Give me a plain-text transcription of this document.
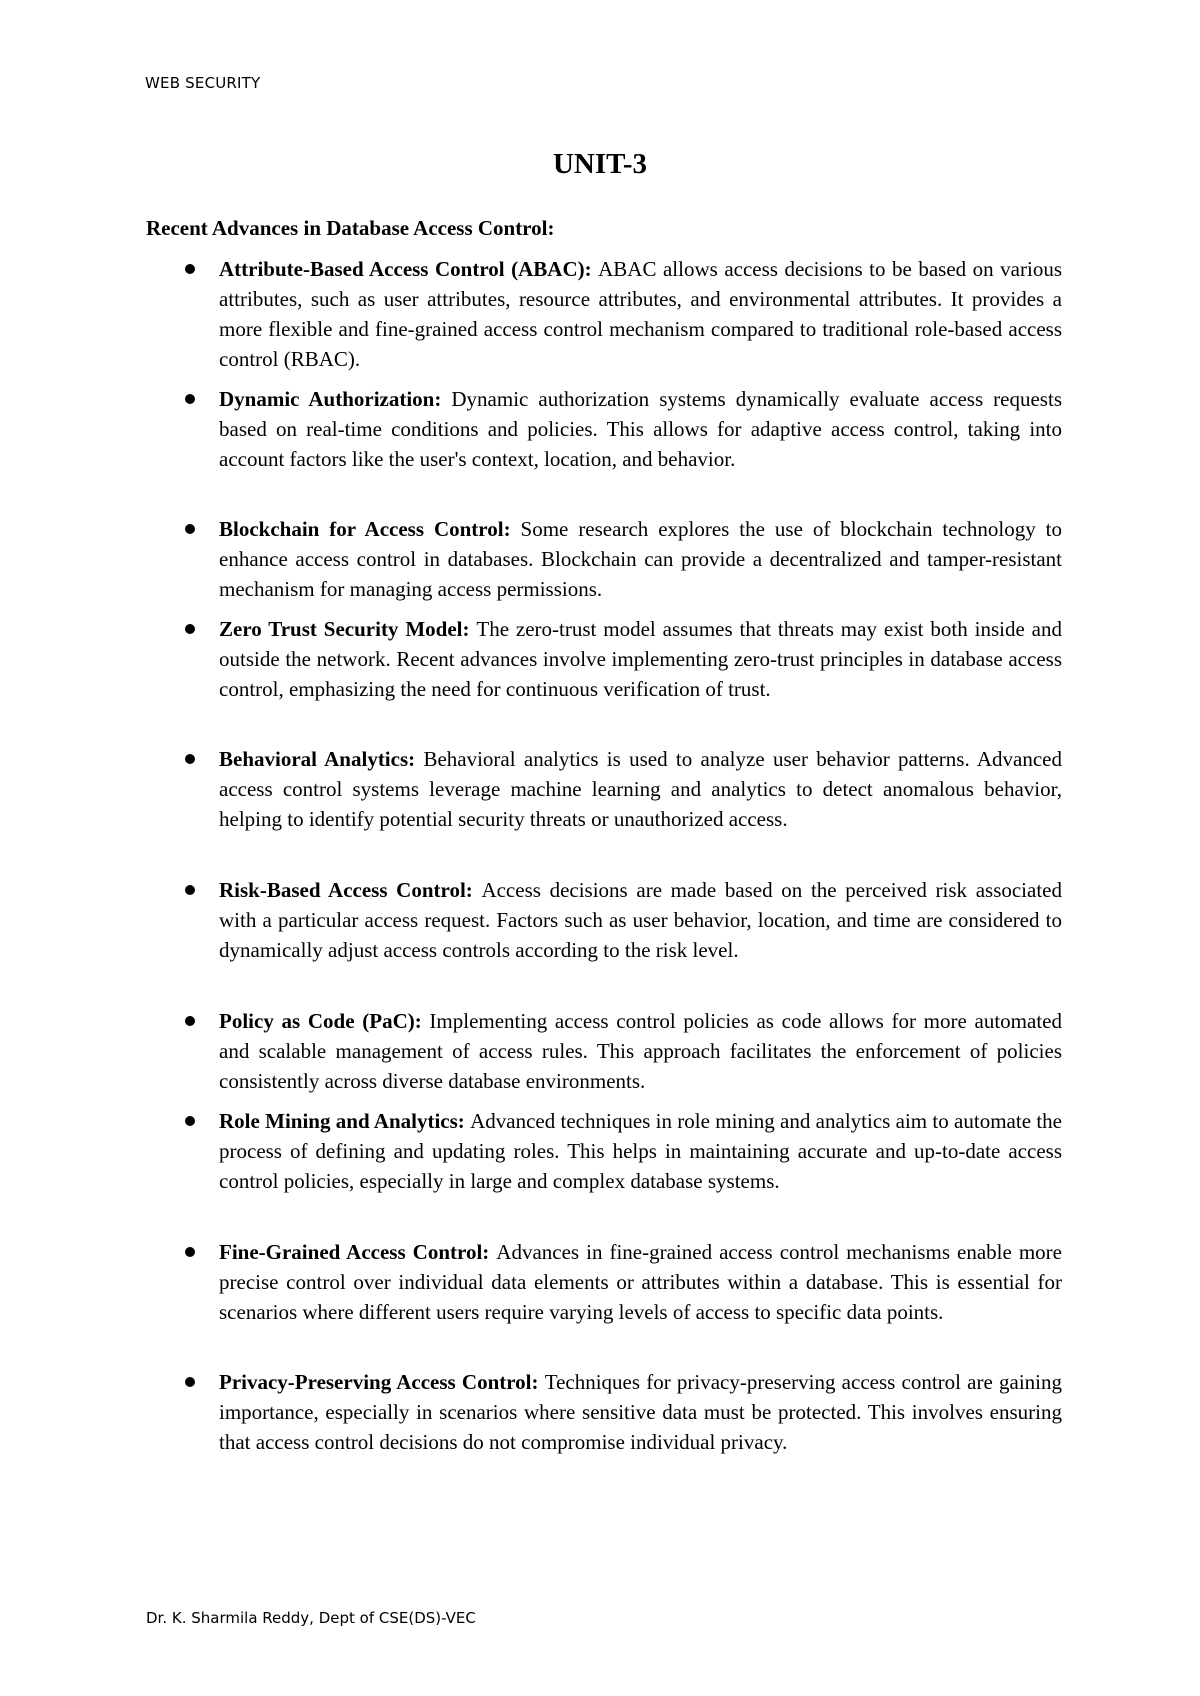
WEB SECURITY
UNIT-3
Recent Advances in Database Access Control:
Attribute-Based Access Control (ABAC): ABAC allows access decisions to be based on various attributes, such as user attributes, resource attributes, and environmental attributes. It provides a more flexible and fine-grained access control mechanism compared to traditional role-based access control (RBAC).
Dynamic Authorization: Dynamic authorization systems dynamically evaluate access requests based on real-time conditions and policies. This allows for adaptive access control, taking into account factors like the user's context, location, and behavior.
Blockchain for Access Control: Some research explores the use of blockchain technology to enhance access control in databases. Blockchain can provide a decentralized and tamper-resistant mechanism for managing access permissions.
Zero Trust Security Model: The zero-trust model assumes that threats may exist both inside and outside the network. Recent advances involve implementing zero-trust principles in database access control, emphasizing the need for continuous verification of trust.
Behavioral Analytics: Behavioral analytics is used to analyze user behavior patterns. Advanced access control systems leverage machine learning and analytics to detect anomalous behavior, helping to identify potential security threats or unauthorized access.
Risk-Based Access Control: Access decisions are made based on the perceived risk associated with a particular access request. Factors such as user behavior, location, and time are considered to dynamically adjust access controls according to the risk level.
Policy as Code (PaC): Implementing access control policies as code allows for more automated and scalable management of access rules. This approach facilitates the enforcement of policies consistently across diverse database environments.
Role Mining and Analytics: Advanced techniques in role mining and analytics aim to automate the process of defining and updating roles. This helps in maintaining accurate and up-to-date access control policies, especially in large and complex database systems.
Fine-Grained Access Control: Advances in fine-grained access control mechanisms enable more precise control over individual data elements or attributes within a database. This is essential for scenarios where different users require varying levels of access to specific data points.
Privacy-Preserving Access Control: Techniques for privacy-preserving access control are gaining importance, especially in scenarios where sensitive data must be protected. This involves ensuring that access control decisions do not compromise individual privacy.
Dr. K. Sharmila Reddy, Dept of CSE(DS)-VEC
